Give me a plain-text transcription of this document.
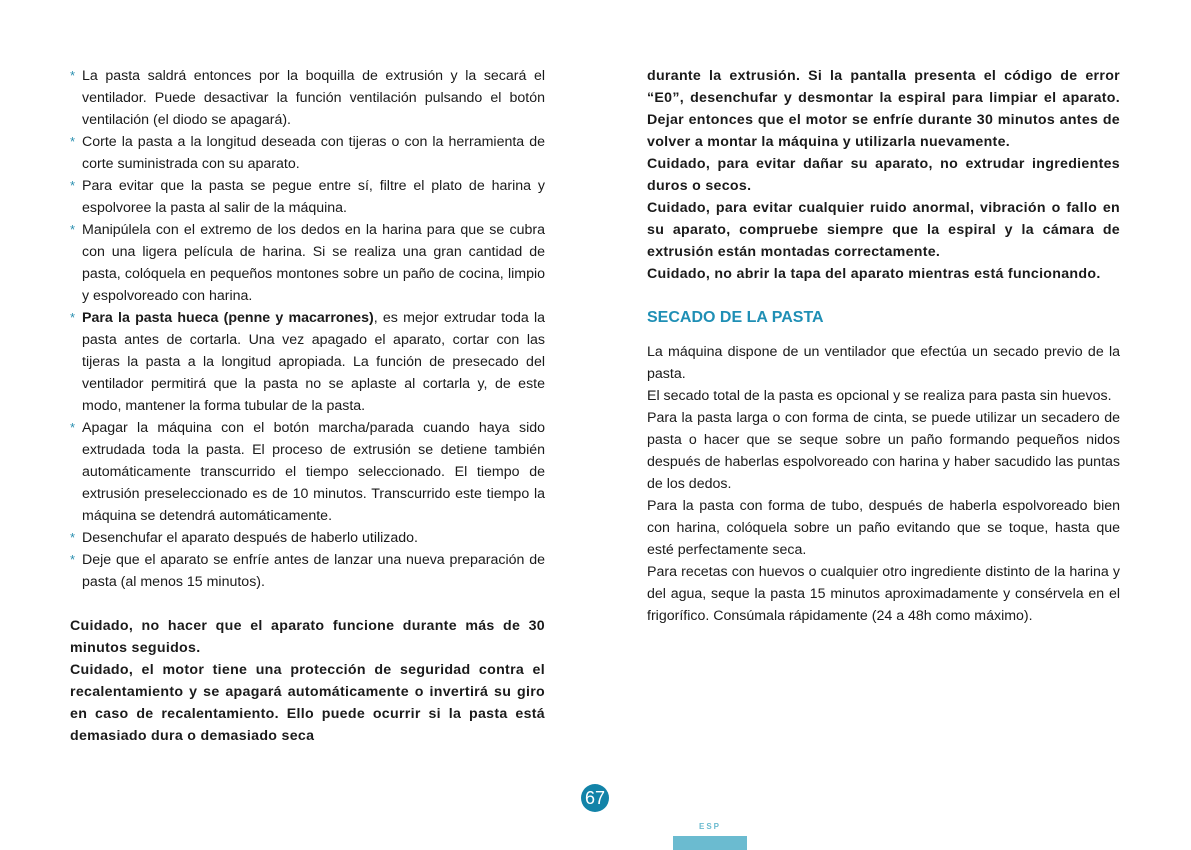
* La pasta saldrá entonces por la boquilla de extrusión y la secará el ventilador. Puede desactivar la función ventilación pulsando el botón ventilación (el diodo se apagará).
* Corte la pasta a la longitud deseada con tijeras o con la herramienta de corte suministrada con su aparato.
* Para evitar que la pasta se pegue entre sí, filtre el plato de harina y espolvoree la pasta al salir de la máquina.
* Manipúlela con el extremo de los dedos en la harina para que se cubra con una ligera película de harina. Si se realiza una gran cantidad de pasta, colóquela en pequeños montones sobre un paño de cocina, limpio y espolvoreado con harina.
* Para la pasta hueca (penne y macarrones), es mejor extrudar toda la pasta antes de cortarla. Una vez apagado el aparato, cortar con las tijeras la pasta a la longitud apropiada. La función de presecado del ventilador permitirá que la pasta no se aplaste al cortarla y, de este modo, mantener la forma tubular de la pasta.
* Apagar la máquina con el botón marcha/parada cuando haya sido extrudada toda la pasta. El proceso de extrusión se detiene también automáticamente transcurrido el tiempo seleccionado. El tiempo de extrusión preseleccionado es de 10 minutos. Transcurrido este tiempo la máquina se detendrá automáticamente.
* Desenchufar el aparato después de haberlo utilizado.
* Deje que el aparato se enfríe antes de lanzar una nueva preparación de pasta (al menos 15 minutos).
Cuidado, no hacer que el aparato funcione durante más de 30 minutos seguidos.
Cuidado, el motor tiene una protección de seguridad contra el recalentamiento y se apagará automáticamente o invertirá su giro en caso de recalentamiento. Ello puede ocurrir si la pasta está demasiado dura o demasiado seca
durante la extrusión. Si la pantalla presenta el código de error “E0”, desenchufar y desmontar la espiral para limpiar el aparato. Dejar entonces que el motor se enfríe durante 30 minutos antes de volver a montar la máquina y utilizarla nuevamente.
Cuidado, para evitar dañar su aparato, no extrudar ingredientes duros o secos.
Cuidado, para evitar cualquier ruido anormal, vibración o fallo en su aparato, compruebe siempre que la espiral y la cámara de extrusión están montadas correctamente.
Cuidado, no abrir la tapa del aparato mientras está funcionando.
SECADO DE LA PASTA
La máquina dispone de un ventilador que efectúa un secado previo de la pasta.
El secado total de la pasta es opcional y se realiza para pasta sin huevos.
Para la pasta larga o con forma de cinta, se puede utilizar un secadero de pasta o hacer que se seque sobre un paño formando pequeños nidos después de haberlas espolvoreado con harina y haber sacudido las puntas de los dedos.
Para la pasta con forma de tubo, después de haberla espolvoreado bien con harina, colóquela sobre un paño evitando que se toque, hasta que esté perfectamente seca.
Para recetas con huevos o cualquier otro ingrediente distinto de la harina y del agua, seque la pasta 15 minutos aproximadamente y consérvela en el frigorífico. Consúmala rápidamente (24 a 48h como máximo).
67
ESP
